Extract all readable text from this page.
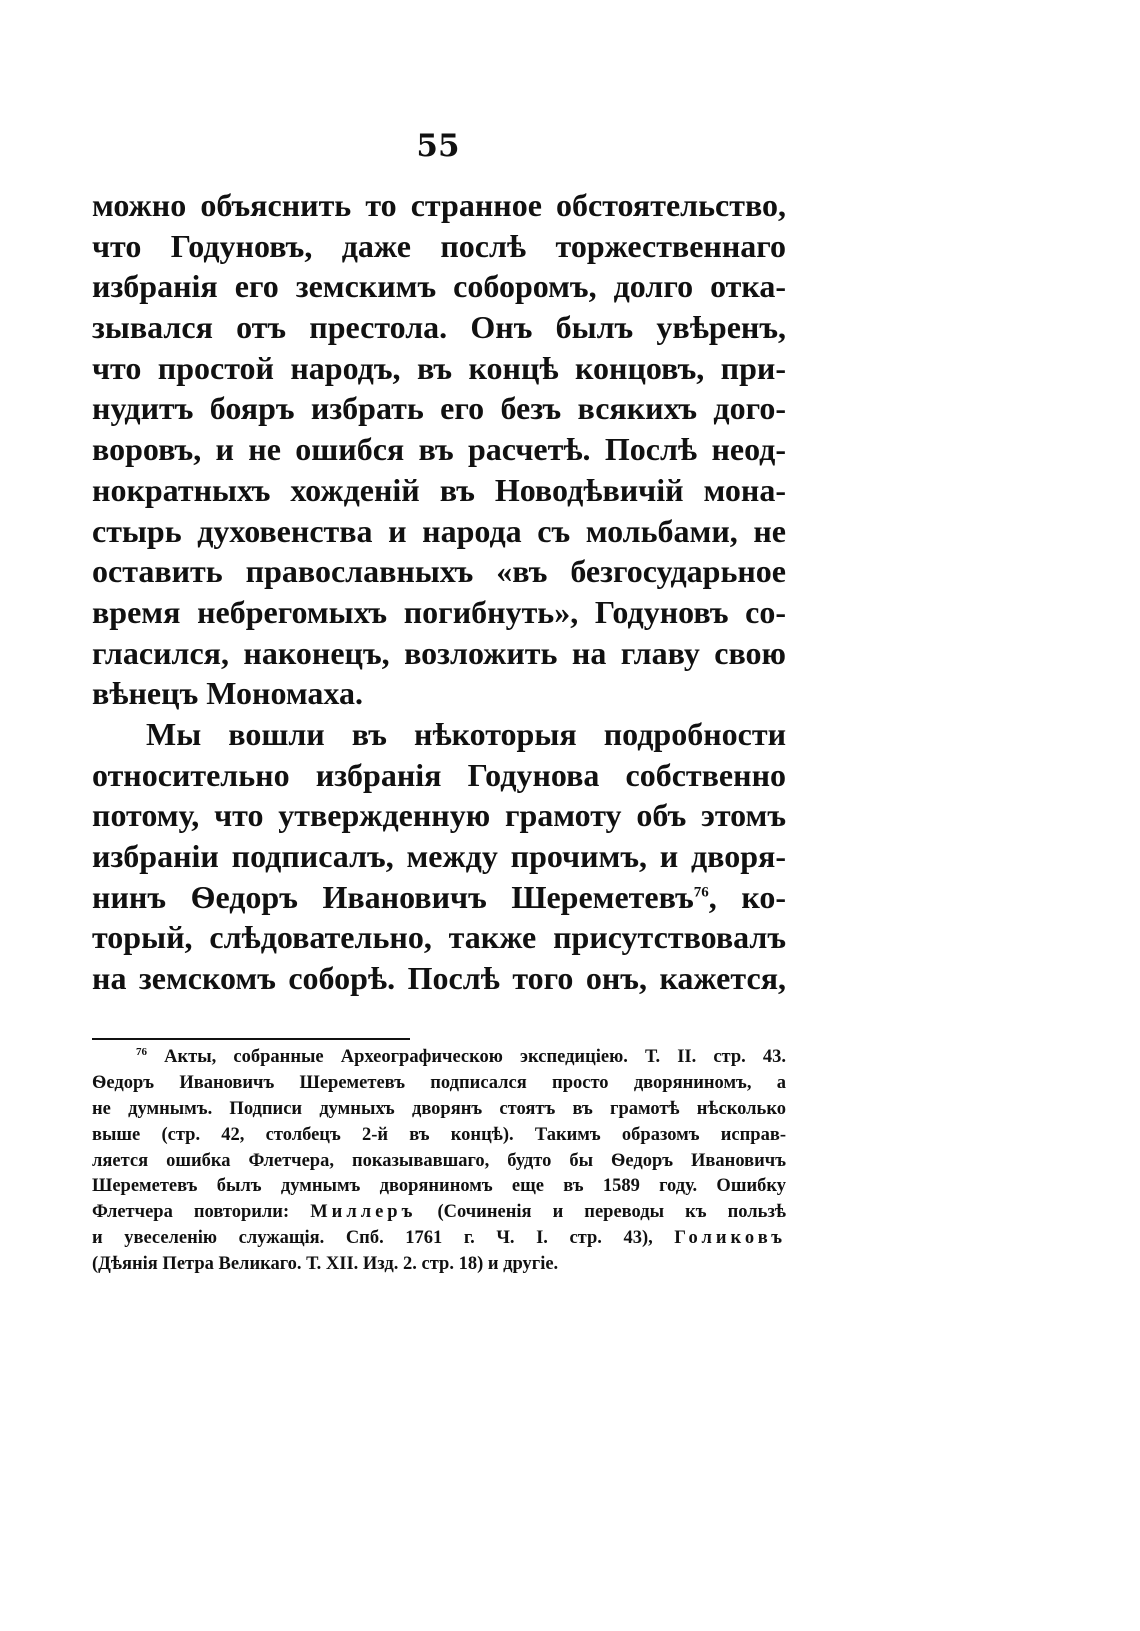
55
можно объяснить то странное обстоятельство,
что Годуновъ, даже послѣ торжественнаго
избранія его земскимъ соборомъ, долго отка-
зывался отъ престола. Онъ былъ увѣренъ,
что простой народъ, въ концѣ концовъ, при-
нудитъ бояръ избрать его безъ всякихъ дого-
воровъ, и не ошибся въ расчетѣ. Послѣ неод-
нократныхъ хожденій въ Новодѣвичій мона-
стырь духовенства и народа съ мольбами, не
оставить православныхъ «въ безгосударьное
время небрегомыхъ погибнуть», Годуновъ со-
гласился, наконецъ, возложить на главу свою
вѣнецъ Мономаха.
Мы вошли въ нѣкоторыя подробности
относительно избранія Годунова собственно
потому, что утвержденную грамоту объ этомъ
избраніи подписалъ, между прочимъ, и дворя-
нинъ Ѳедоръ Ивановичъ Шереметевъ$^{76}$, ко-
торый, слѣдовательно, также присутствовалъ
на земскомъ соборѣ. Послѣ того онъ, кажется,
$^{76}$ Акты, собранные Археографическою экспедиціею. Т. II. стр. 43.
Ѳедоръ Ивановичъ Шереметевъ подписался просто дворяниномъ, а
не думнымъ. Подписи думныхъ дворянъ стоятъ въ грамотѣ нѣсколько
выше (стр. 42, столбецъ 2-й въ концѣ). Такимъ образомъ исправ-
ляется ошибка Флетчера, показывавшаго, будто бы Ѳедоръ Ивановичъ
Шереметевъ былъ думнымъ дворяниномъ еще въ 1589 году. Ошибку
Флетчера повторили: Миллеръ (Сочиненія и переводы къ пользѣ
и увеселенію служащія. Спб. 1761 г. Ч. I. стр. 43), Голиковъ
(Дѣянія Петра Великаго. Т. XII. Изд. 2. стр. 18) и другіе.
